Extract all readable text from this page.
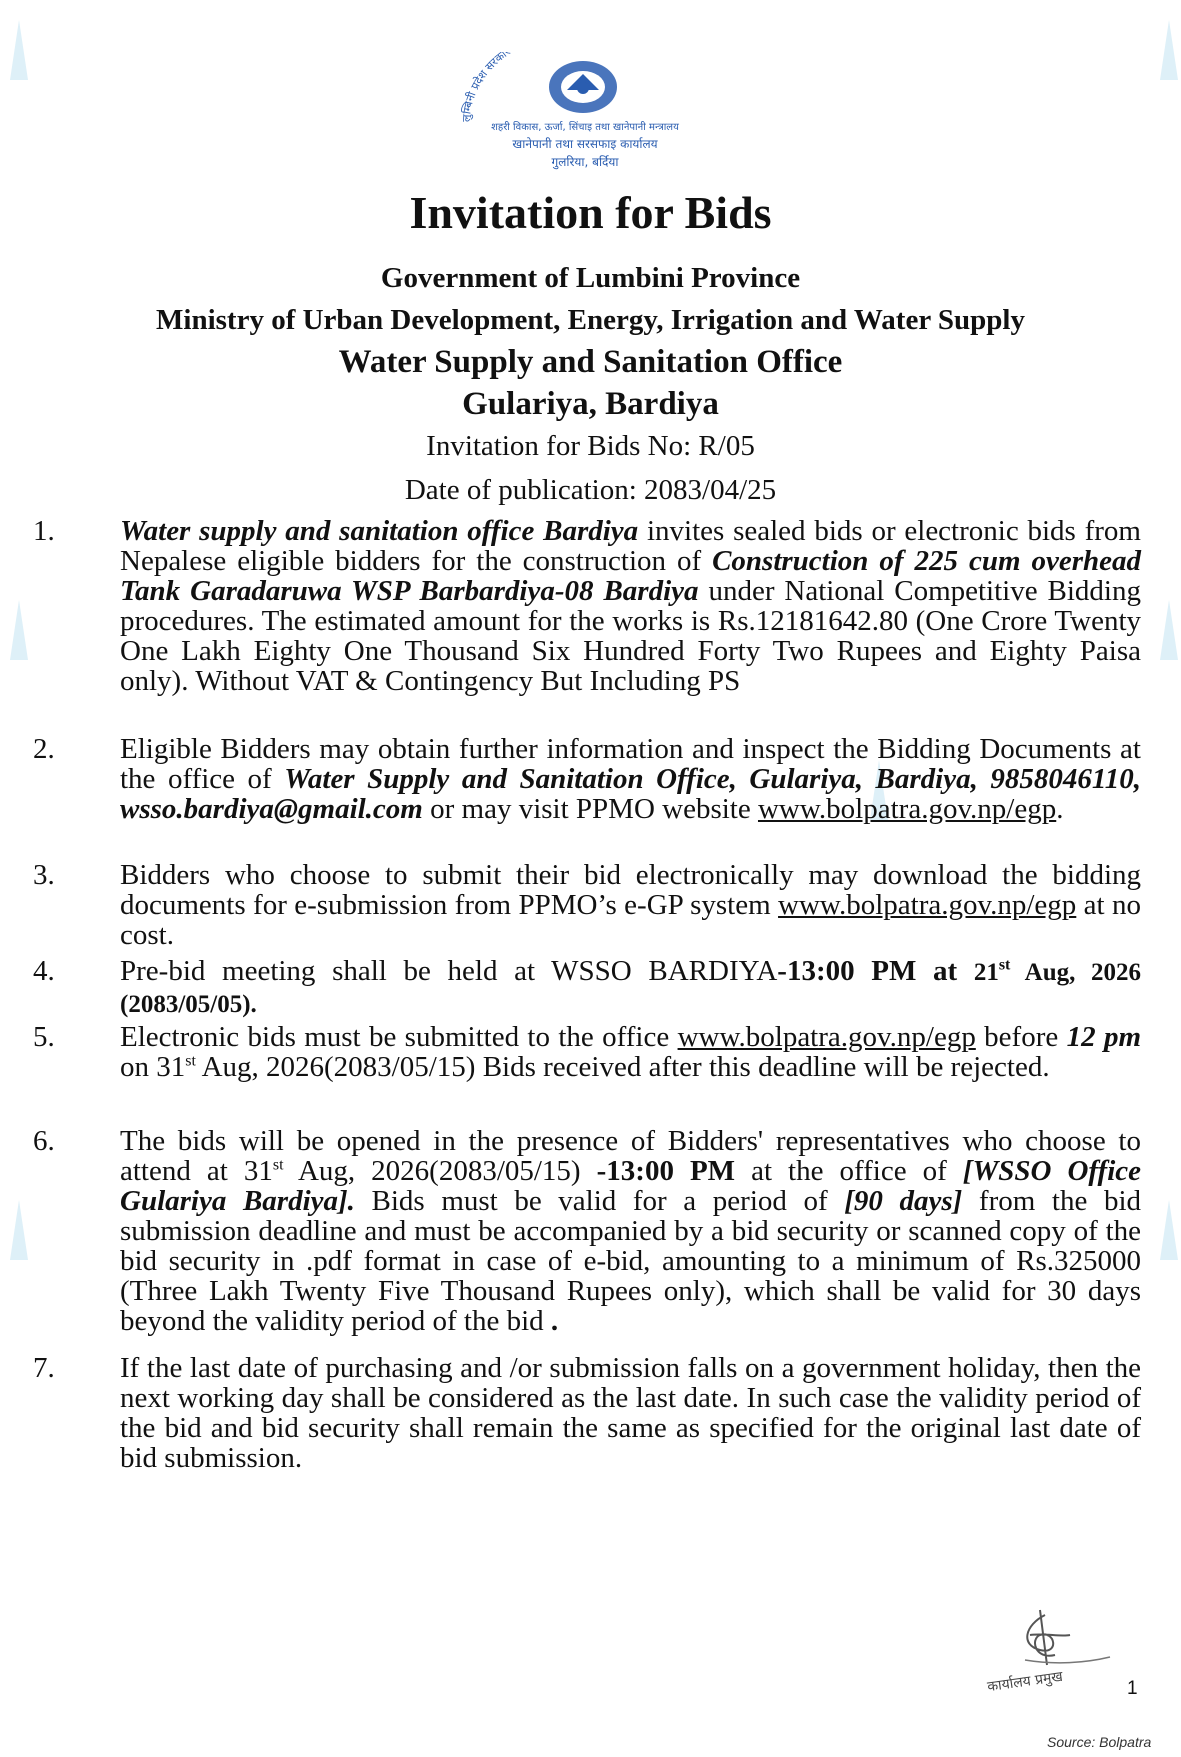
लुम्बिनी प्रदेश सरका
शहरी विकास, ऊर्जा, सिंचाइ तथा खानेपानी मन्त्रालय
खानेपानी तथा सरसफाइ कार्यालय
गुलरिया, बर्दिया
Invitation for Bids
Government of Lumbini Province
Ministry of Urban Development, Energy, Irrigation and Water Supply
Water Supply and Sanitation Office
Gulariya, Bardiya
Invitation for Bids No: R/05
Date of publication: 2083/04/25
1. Water supply and sanitation office Bardiya invites sealed bids or electronic bids from Nepalese eligible bidders for the construction of Construction of 225 cum overhead Tank Garadaruwa WSP Barbardiya-08 Bardiya under National Competitive Bidding procedures. The estimated amount for the works is Rs.12181642.80 (One Crore Twenty One Lakh Eighty One Thousand Six Hundred Forty Two Rupees and Eighty Paisa only). Without VAT & Contingency But Including PS
2. Eligible Bidders may obtain further information and inspect the Bidding Documents at the office of Water Supply and Sanitation Office, Gulariya, Bardiya, 9858046110, wsso.bardiya@gmail.com or may visit PPMO website www.bolpatra.gov.np/egp.
3. Bidders who choose to submit their bid electronically may download the bidding documents for e-submission from PPMO’s e-GP system www.bolpatra.gov.np/egp at no cost.
4. Pre-bid meeting shall be held at WSSO BARDIYA-13:00 PM at 21st Aug, 2026 (2083/05/05).
5. Electronic bids must be submitted to the office www.bolpatra.gov.np/egp before 12 pm on 31st Aug, 2026(2083/05/15) Bids received after this deadline will be rejected.
6. The bids will be opened in the presence of Bidders' representatives who choose to attend at 31st Aug, 2026(2083/05/15) -13:00 PM at the office of [WSSO Office Gulariya Bardiya]. Bids must be valid for a period of [90 days] from the bid submission deadline and must be accompanied by a bid security or scanned copy of the bid security in .pdf format in case of e-bid, amounting to a minimum of Rs.325000 (Three Lakh Twenty Five Thousand Rupees only), which shall be valid for 30 days beyond the validity period of the bid .
7. If the last date of purchasing and /or submission falls on a government holiday, then the next working day shall be considered as the last date. In such case the validity period of the bid and bid security shall remain the same as specified for the original last date of bid submission.
कार्यालय प्रमुख	1
Source: Bolpatra
